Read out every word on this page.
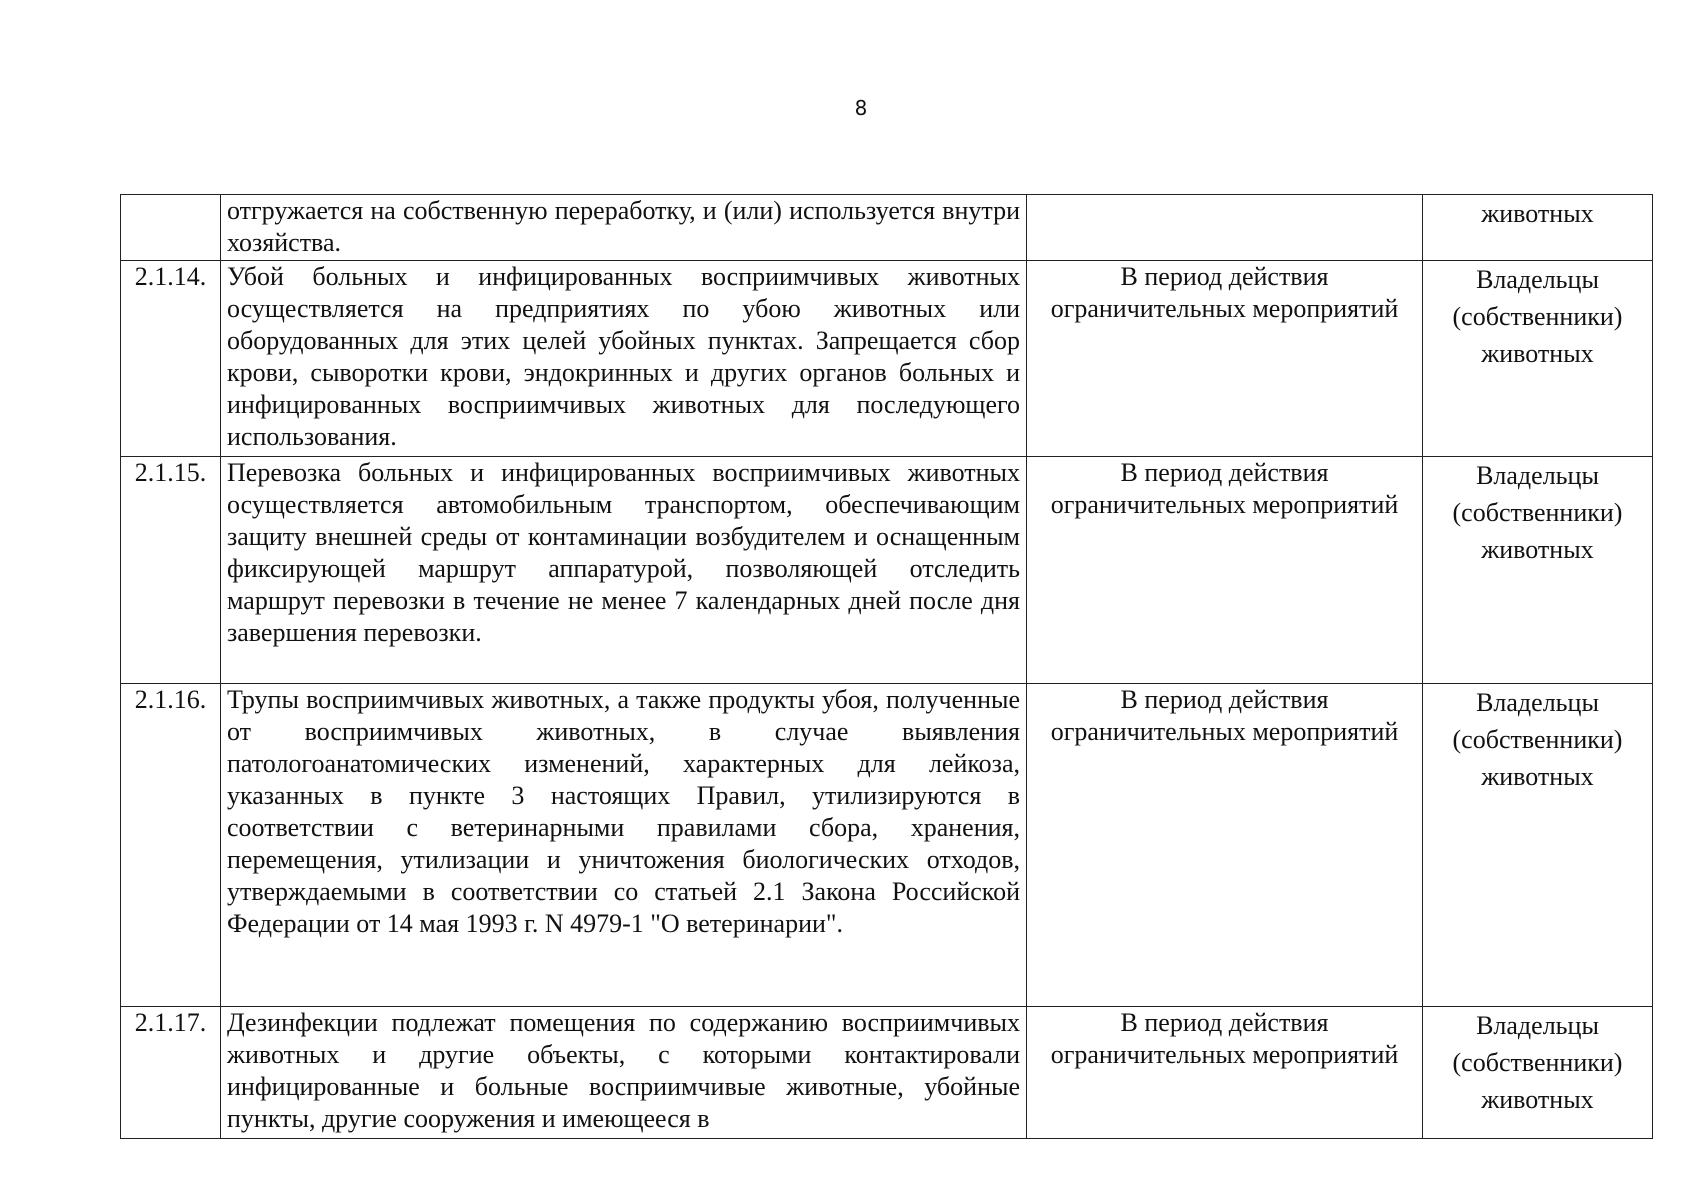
8
	отгружается на собственную переработку, и (или) используется внутри хозяйства.		животных
2.1.14.	Убой больных и инфицированных восприимчивых животных осуществляется на предприятиях по убою животных или оборудованных для этих целей убойных пунктах. Запрещается сбор крови, сыворотки крови, эндокринных и других органов больных и инфицированных восприимчивых животных для последующего использования.	В период действия ограничительных мероприятий	Владельцы (собственники) животных
2.1.15.	Перевозка больных и инфицированных восприимчивых животных осуществляется автомобильным транспортом, обеспечивающим защиту внешней среды от контаминации возбудителем и оснащенным фиксирующей маршрут аппаратурой, позволяющей отследить маршрут перевозки в течение не менее 7 календарных дней после дня завершения перевозки.	В период действия ограничительных мероприятий	Владельцы (собственники) животных
2.1.16.	Трупы восприимчивых животных, а также продукты убоя, полученные от восприимчивых животных, в случае выявления патологоанатомических изменений, характерных для лейкоза, указанных в пункте 3 настоящих Правил, утилизируются в соответствии с ветеринарными правилами сбора, хранения, перемещения, утилизации и уничтожения биологических отходов, утверждаемыми в соответствии со статьей 2.1 Закона Российской Федерации от 14 мая 1993 г. N 4979-1 "О ветеринарии".	В период действия ограничительных мероприятий	Владельцы (собственники) животных
2.1.17.	Дезинфекции подлежат помещения по содержанию восприимчивых животных и другие объекты, с которыми контактировали инфицированные и больные восприимчивые животные, убойные пункты, другие сооружения и имеющееся в	В период действия ограничительных мероприятий	Владельцы (собственники) животных
